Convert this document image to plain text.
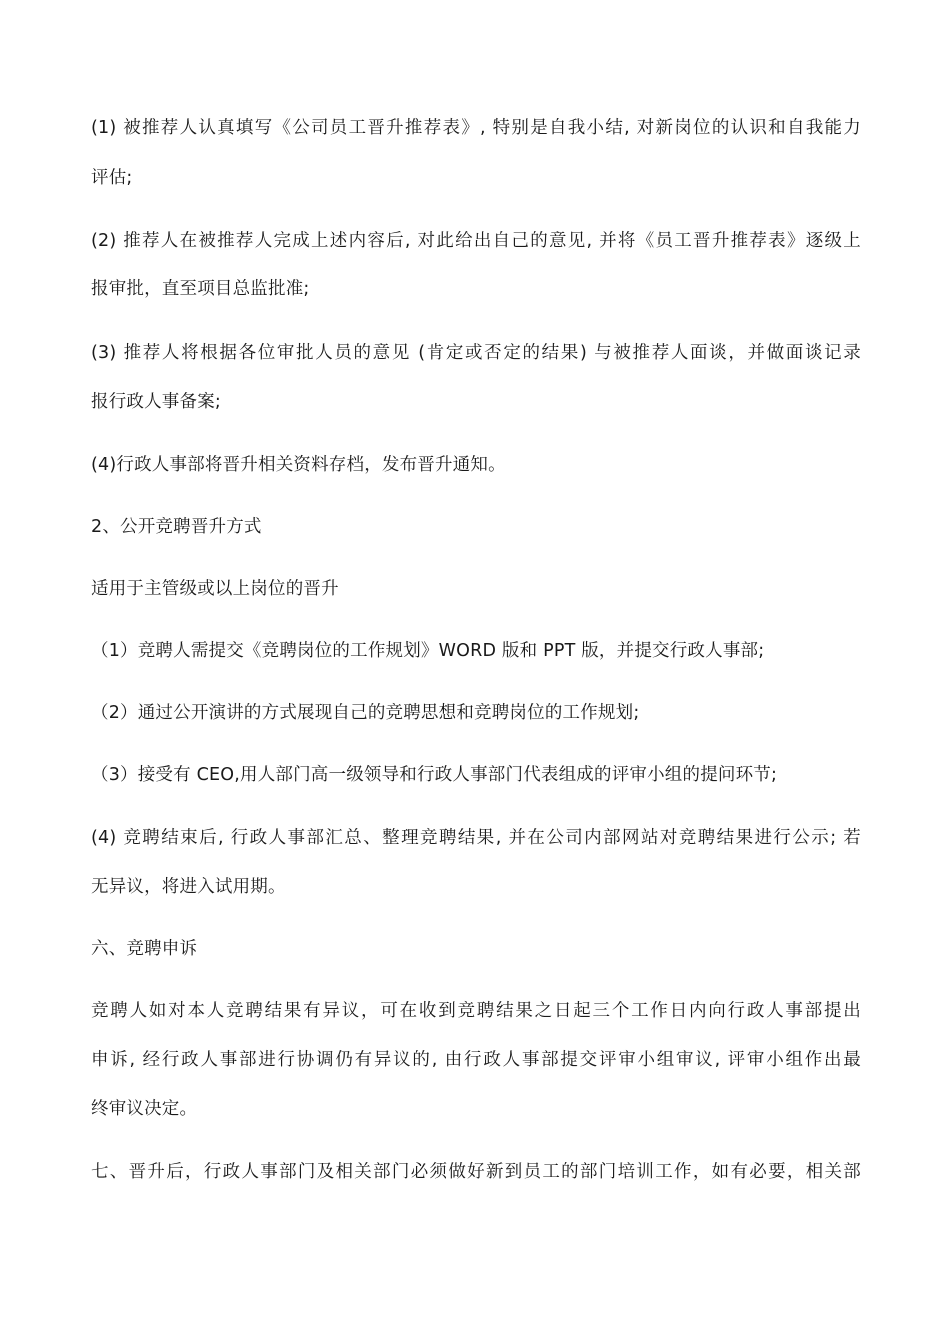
(1) 被推荐人认真填写《公司员工晋升推荐表》, 特别是自我小结, 对新岗位的认识和自我能力
评估;
(2) 推荐人在被推荐人完成上述内容后, 对此给出自己的意见, 并将《员工晋升推荐表》逐级上
报审批，直至项目总监批准;
(3) 推荐人将根据各位审批人员的意见 (肯定或否定的结果) 与被推荐人面谈，并做面谈记录
报行政人事备案;
(4)行政人事部将晋升相关资料存档，发布晋升通知。
2、公开竞聘晋升方式
适用于主管级或以上岗位的晋升
（1）竞聘人需提交《竞聘岗位的工作规划》WORD 版和 PPT 版，并提交行政人事部;
（2）通过公开演讲的方式展现自己的竞聘思想和竞聘岗位的工作规划;
（3）接受有 CEO,用人部门高一级领导和行政人事部门代表组成的评审小组的提问环节;
(4) 竞聘结束后, 行政人事部汇总、整理竞聘结果, 并在公司内部网站对竞聘结果进行公示; 若
无异议，将进入试用期。
六、竞聘申诉
竞聘人如对本人竞聘结果有异议，可在收到竞聘结果之日起三个工作日内向行政人事部提出
申诉, 经行政人事部进行协调仍有异议的, 由行政人事部提交评审小组审议, 评审小组作出最
终审议决定。
七、晋升后，行政人事部门及相关部门必须做好新到员工的部门培训工作，如有必要，相关部
